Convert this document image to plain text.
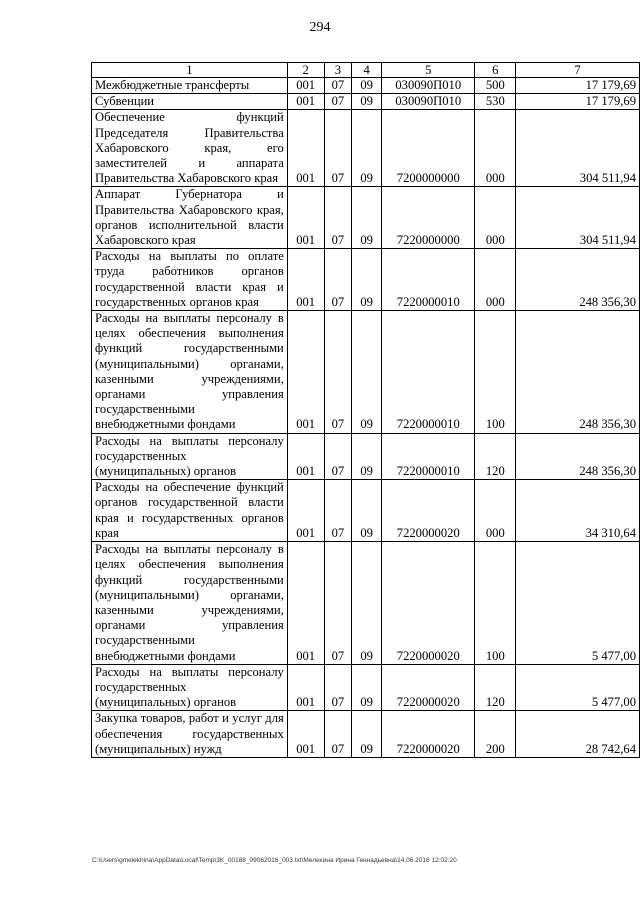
294
1	2	3	4	5	6	7
Межбюджетные трансферты	001	07	09	030090П010	500	17 179,69
Субвенции	001	07	09	030090П010	530	17 179,69
Обеспечение функций Председателя Правительства Хабаровского края, его заместителей и аппарата Правительства Хабаровского края	001	07	09	7200000000	000	304 511,94
Аппарат Губернатора и Правительства Хабаровского края, органов исполнительной власти Хабаровского края	001	07	09	7220000000	000	304 511,94
Расходы на выплаты по оплате труда работников органов государственной власти края и государственных органов края	001	07	09	7220000010	000	248 356,30
Расходы на выплаты персоналу в целях обеспечения выполнения функций государственными (муниципальными) органами, казенными учреждениями, органами управления государственными внебюджетными фондами	001	07	09	7220000010	100	248 356,30
Расходы на выплаты персоналу государственных (муниципальных) органов	001	07	09	7220000010	120	248 356,30
Расходы на обеспечение функций органов государственной власти края и государственных органов края	001	07	09	7220000020	000	34 310,64
Расходы на выплаты персоналу в целях обеспечения выполнения функций государственными (муниципальными) органами, казенными учреждениями, органами управления государственными внебюджетными фондами	001	07	09	7220000020	100	5 477,00
Расходы на выплаты персоналу государственных (муниципальных) органов	001	07	09	7220000020	120	5 477,00
Закупка товаров, работ и услуг для обеспечения государственных (муниципальных) нужд	001	07	09	7220000020	200	28 742,64
C:\Users\gmelekhina\AppData\Local\Temp\3K_00188_09062016_003.txt\Мелехина Ирина Геннадьевна\14.06.2016 12:02:20
